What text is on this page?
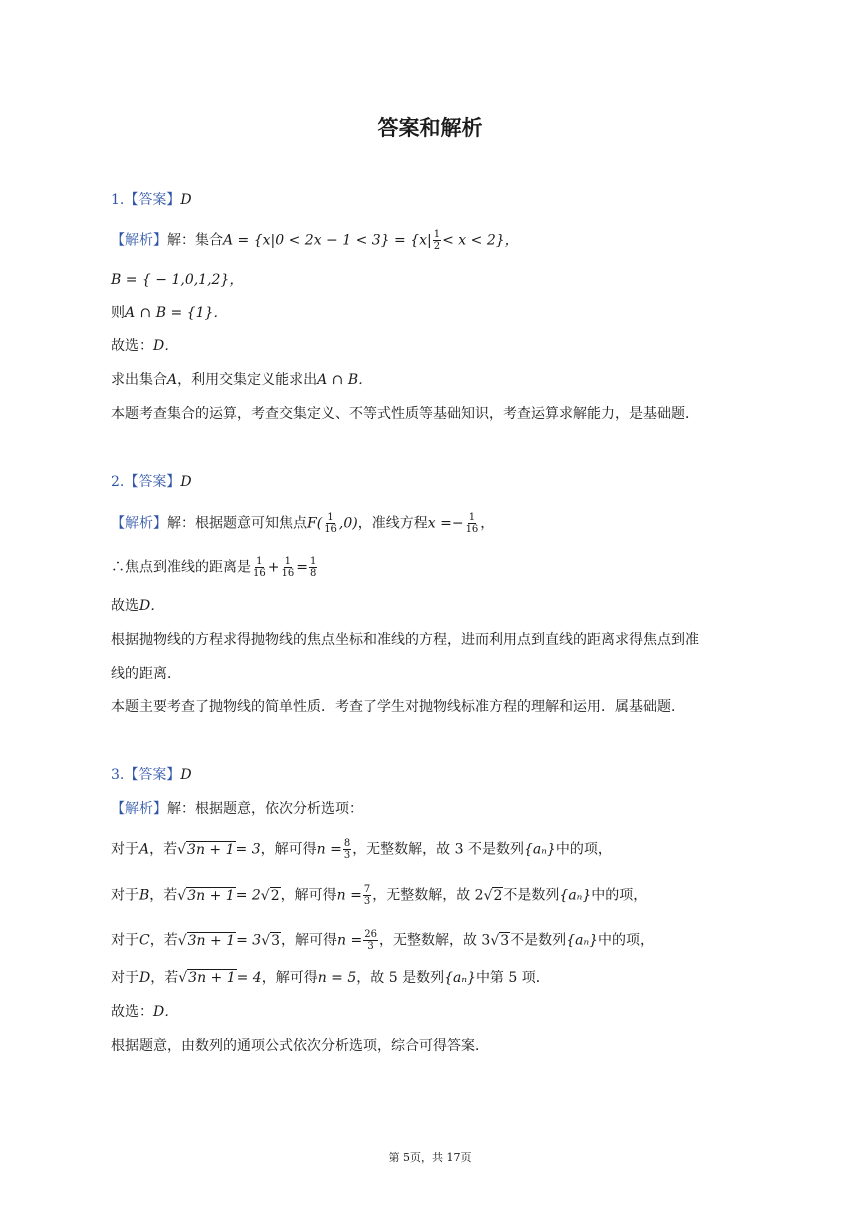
答案和解析
1.【答案】D
【解析】解：集合$A = \{x|0 < 2x - 1 < 3\} = \{x| \frac{1}{2} < x < 2\}$，
B = { − 1,0,1,2}，
则A ∩ B = {1}．
故选：D．
求出集合A，利用交集定义能求出A ∩ B．
本题考查集合的运算，考查交集定义、不等式性质等基础知识，考查运算求解能力，是基础题．
2.【答案】D
【解析】解：根据题意可知焦点$F( \frac{1}{16} ,0)$，准线方程$x =- \frac{1}{16}$ ，
∴焦点到准线的距离是 $\frac{1}{16} + \frac{1}{16} = \frac{1}{8}$
故选D．
根据抛物线的方程求得抛物线的焦点坐标和准线的方程，进而利用点到直线的距离求得焦点到准
线的距离．
本题主要考查了抛物线的简单性质．考查了学生对抛物线标准方程的理解和运用．属基础题．
3.【答案】D
【解析】解：根据题意，依次分析选项：
对于A，若√3n + 1= 3，解可得$n = \frac{8}{3}$ ，无整数解，故 3 不是数列{aₙ}中的项，
对于B，若√3n + 1= 2√2，解可得$n = \frac{7}{3}$ ，无整数解，故 2√2不是数列{aₙ}中的项，
对于C，若√3n + 1= 3√3，解可得$n = \frac{26}{3}$ ，无整数解，故 3√3不是数列{aₙ}中的项，
对于D，若√3n + 1= 4，解可得n = 5，故 5 是数列{aₙ}中第 5 项．
故选：D．
根据题意，由数列的通项公式依次分析选项，综合可得答案．
第 5页，共 17页
